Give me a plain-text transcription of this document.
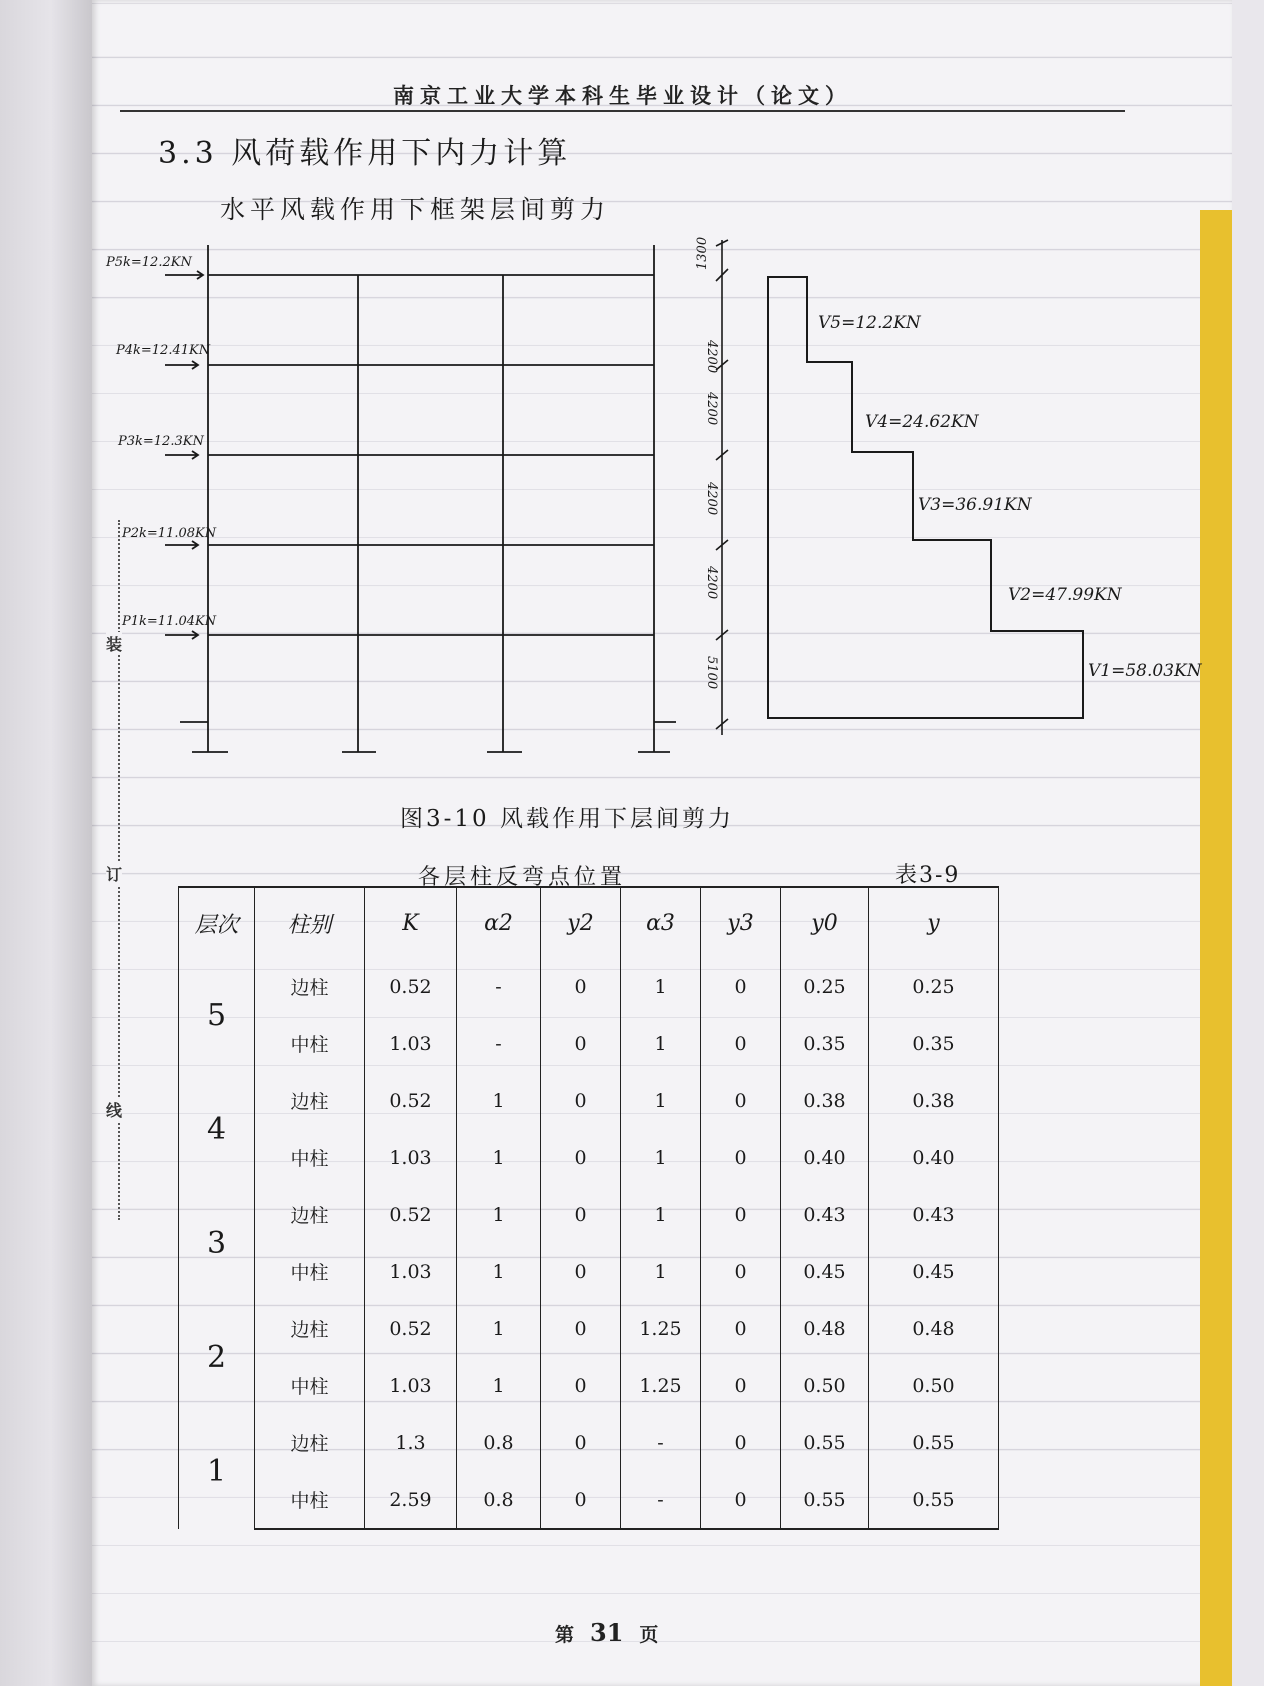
南京工业大学本科生毕业设计（论文）
3.3 风荷载作用下内力计算
水平风载作用下框架层间剪力
装
订
线
P5k=12.2KN
P4k=12.41KN
P3k=12.3KN
P2k=11.08KN
P1k=11.04KN
1300
4200
4200
4200
4200
5100
V5=12.2KN
V4=24.62KN
V3=36.91KN
V2=47.99KN
V1=58.03KN
图3-10 风载作用下层间剪力
各层柱反弯点位置	表3-9
层次	柱别	K	α2	y2	α3	y3	y0	y
5	边柱	0.52	-	0	1	0	0.25	0.25
	中柱	1.03	-	0	1	0	0.35	0.35
4	边柱	0.52	1	0	1	0	0.38	0.38
	中柱	1.03	1	0	1	0	0.40	0.40
3	边柱	0.52	1	0	1	0	0.43	0.43
	中柱	1.03	1	0	1	0	0.45	0.45
2	边柱	0.52	1	0	1.25	0	0.48	0.48
	中柱	1.03	1	0	1.25	0	0.50	0.50
1	边柱	1.3	0.8	0	-	0	0.55	0.55
	中柱	2.59	0.8	0	-	0	0.55	0.55
第 31 页
